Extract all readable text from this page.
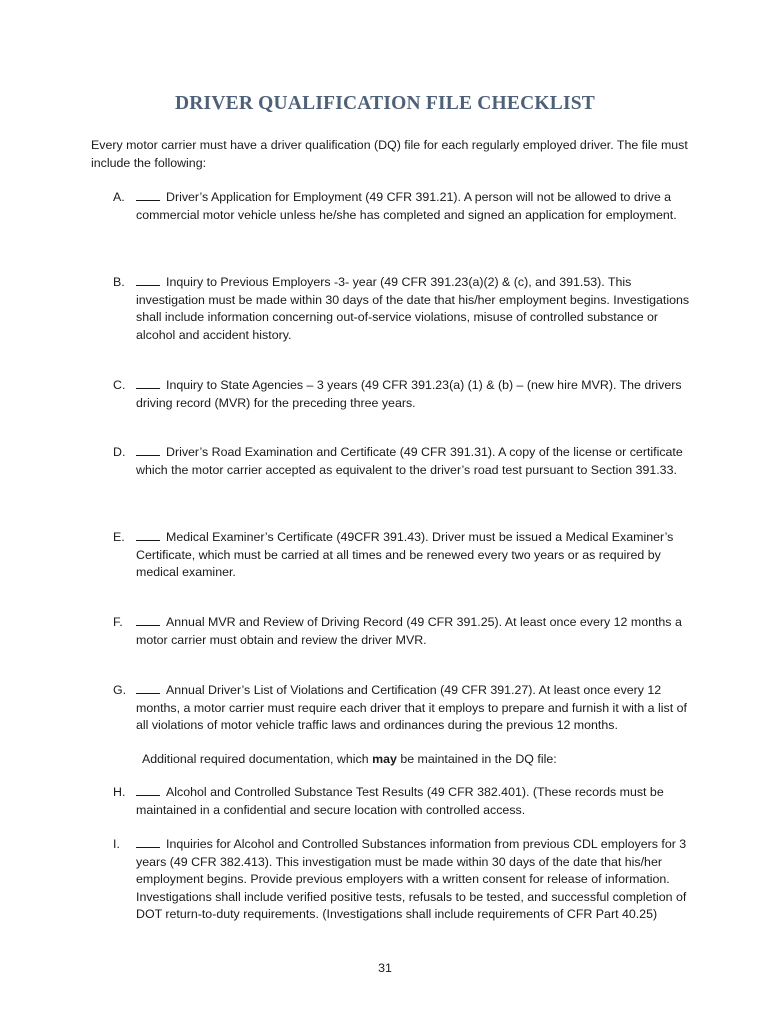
DRIVER QUALIFICATION FILE CHECKLIST
Every motor carrier must have a driver qualification (DQ) file for each regularly employed driver. The file must include the following:
A.	Driver’s Application for Employment (49 CFR 391.21). A person will not be allowed to drive a commercial motor vehicle unless he/she has completed and signed an application for employment.
B.	Inquiry to Previous Employers -3- year (49 CFR 391.23(a)(2) & (c), and 391.53). This investigation must be made within 30 days of the date that his/her employment begins. Investigations shall include information concerning out-of-service violations, misuse of controlled substance or alcohol and accident history.
C.	Inquiry to State Agencies – 3 years (49 CFR 391.23(a) (1) & (b) – (new hire MVR). The drivers driving record (MVR) for the preceding three years.
D.	Driver’s Road Examination and Certificate (49 CFR 391.31). A copy of the license or certificate which the motor carrier accepted as equivalent to the driver’s road test pursuant to Section 391.33.
E.	Medical Examiner’s Certificate (49CFR 391.43). Driver must be issued a Medical Examiner’s Certificate, which must be carried at all times and be renewed every two years or as required by medical examiner.
F.	Annual MVR and Review of Driving Record (49 CFR 391.25). At least once every 12 months a motor carrier must obtain and review the driver MVR.
G.	Annual Driver’s List of Violations and Certification (49 CFR 391.27). At least once every 12 months, a motor carrier must require each driver that it employs to prepare and furnish it with a list of all violations of motor vehicle traffic laws and ordinances during the previous 12 months.
Additional required documentation, which may be maintained in the DQ file:
H.	Alcohol and Controlled Substance Test Results (49 CFR 382.401). (These records must be maintained in a confidential and secure location with controlled access.
I.	Inquiries for Alcohol and Controlled Substances information from previous CDL employers for 3 years (49 CFR 382.413). This investigation must be made within 30 days of the date that his/her employment begins. Provide previous employers with a written consent for release of information. Investigations shall include verified positive tests, refusals to be tested, and successful completion of DOT return-to-duty requirements. (Investigations shall include requirements of CFR Part 40.25)
31
